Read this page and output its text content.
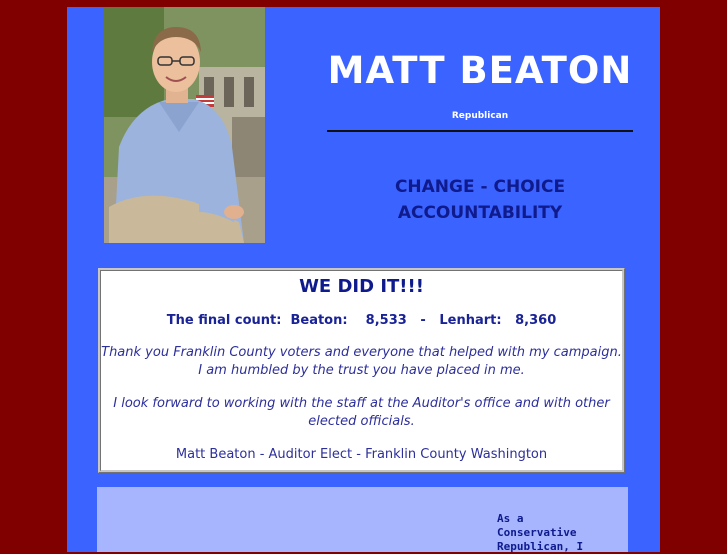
MATT BEATON
Republican
CHANGE - CHOICE
ACCOUNTABILITY
WE DID IT!!!
The final count:  Beaton:    8,533   -   Lenhart:   8,360
Thank you Franklin County voters and everyone that helped with my campaign.
I am humbled by the trust you have placed in me.
I look forward to working with the staff at the Auditor's office and with other
elected officials.
Matt Beaton - Auditor Elect - Franklin County Washington
As a
Conservative
Republican, I
